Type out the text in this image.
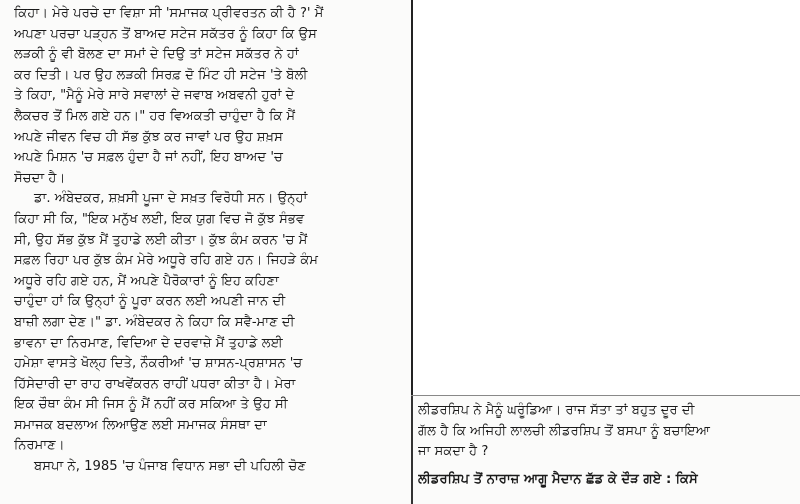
ਕਿਹਾ। ਮੇਰੇ ਪਰਚੇ ਦਾ ਵਿਸ਼ਾ ਸੀ 'ਸਮਾਜਕ ਪ੍ਰੀਵਰਤਨ ਕੀ ਹੈ ?' ਮੈਂ
ਅਪਣਾ ਪਰਚਾ ਪੜ੍ਹਨ ਤੋਂ ਬਾਅਦ ਸਟੇਜ ਸਕੱਤਰ ਨੂੰ ਕਿਹਾ ਕਿ ਉਸ
ਲੜਕੀ ਨੂੰ ਵੀ ਬੋਲਣ ਦਾ ਸਮਾਂ ਦੇ ਦਿਉ ਤਾਂ ਸਟੇਜ ਸਕੱਤਰ ਨੇ ਹਾਂ
ਕਰ ਦਿਤੀ। ਪਰ ਉਹ ਲੜਕੀ ਸਿਰਫ਼ ਦੋ ਮਿੰਟ ਹੀ ਸਟੇਜ 'ਤੇ ਬੋਲੀ
ਤੇ ਕਿਹਾ, "ਮੈਨੂੰ ਮੇਰੇ ਸਾਰੇ ਸਵਾਲਾਂ ਦੇ ਜਵਾਬ ਅਬਵਨੀ ਹੁਰਾਂ ਦੇ
ਲੈਕਚਰ ਤੋਂ ਮਿਲ ਗਏ ਹਨ।" ਹਰ ਵਿਅਕਤੀ ਚਾਹੁੰਦਾ ਹੈ ਕਿ ਮੈਂ
ਅਪਣੇ ਜੀਵਨ ਵਿਚ ਹੀ ਸੱਭ ਕੁੱਝ ਕਰ ਜਾਵਾਂ ਪਰ ਉਹ ਸ਼ਖ਼ਸ
ਅਪਣੇ ਮਿਸ਼ਨ 'ਚ ਸਫ਼ਲ ਹੁੰਦਾ ਹੈ ਜਾਂ ਨਹੀਂ, ਇਹ ਬਾਅਦ 'ਚ
ਸੋਚਦਾ ਹੈ।
ਡਾ. ਅੰਬੇਦਕਰ, ਸ਼ਖ਼ਸੀ ਪੂਜਾ ਦੇ ਸਖ਼ਤ ਵਿਰੋਧੀ ਸਨ। ਉਨ੍ਹਾਂ
ਕਿਹਾ ਸੀ ਕਿ, "ਇਕ ਮਨੁੱਖ ਲਈ, ਇਕ ਯੁਗ ਵਿਚ ਜੋ ਕੁੱਝ ਸੰਭਵ
ਸੀ, ਉਹ ਸੱਭ ਕੁੱਝ ਮੈਂ ਤੁਹਾਡੇ ਲਈ ਕੀਤਾ। ਕੁੱਝ ਕੰਮ ਕਰਨ 'ਚ ਮੈਂ
ਸਫ਼ਲ ਰਿਹਾ ਪਰ ਕੁੱਝ ਕੰਮ ਮੇਰੇ ਅਧੂਰੇ ਰਹਿ ਗਏ ਹਨ। ਜਿਹੜੇ ਕੰਮ
ਅਧੂਰੇ ਰਹਿ ਗਏ ਹਨ, ਮੈਂ ਅਪਣੇ ਪੈਰੋਕਾਰਾਂ ਨੂੰ ਇਹ ਕਹਿਣਾ
ਚਾਹੁੰਦਾ ਹਾਂ ਕਿ ਉਨ੍ਹਾਂ ਨੂੰ ਪੂਰਾ ਕਰਨ ਲਈ ਅਪਣੀ ਜਾਨ ਦੀ
ਬਾਜ਼ੀ ਲਗਾ ਦੇਣ।" ਡਾ. ਅੰਬੇਦਕਰ ਨੇ ਕਿਹਾ ਕਿ ਸਵੈ-ਮਾਣ ਦੀ
ਭਾਵਨਾ ਦਾ ਨਿਰਮਾਣ, ਵਿਦਿਆ ਦੇ ਦਰਵਾਜ਼ੇ ਮੈਂ ਤੁਹਾਡੇ ਲਈ
ਹਮੇਸ਼ਾ ਵਾਸਤੇ ਖੋਲ੍ਹ ਦਿਤੇ, ਨੌਕਰੀਆਂ 'ਚ ਸ਼ਾਸਨ-ਪ੍ਰਸ਼ਾਸਨ 'ਚ
ਹਿੱਸੇਦਾਰੀ ਦਾ ਰਾਹ ਰਾਖਵੇਂਕਰਨ ਰਾਹੀਂ ਪਧਰਾ ਕੀਤਾ ਹੈ। ਮੇਰਾ
ਇਕ ਚੌਥਾ ਕੰਮ ਸੀ ਜਿਸ ਨੂੰ ਮੈਂ ਨਹੀਂ ਕਰ ਸਕਿਆ ਤੇ ਉਹ ਸੀ
ਸਮਾਜਕ ਬਦਲਾਅ ਲਿਆਉਣ ਲਈ ਸਮਾਜਕ ਸੰਸਥਾ ਦਾ
ਨਿਰਮਾਣ।
ਬਸਪਾ ਨੇ, 1985 'ਚ ਪੰਜਾਬ ਵਿਧਾਨ ਸਭਾ ਦੀ ਪਹਿਲੀ ਚੋਣ
ਲੀਡਰਸ਼ਿਪ ਨੇ ਮੈਨੂੰ ਘਰੂੰਡਿਆ। ਰਾਜ ਸੱਤਾ ਤਾਂ ਬਹੁਤ ਦੂਰ ਦੀ
ਗੱਲ ਹੈ ਕਿ ਅਜਿਹੀ ਲਾਲਚੀ ਲੀਡਰਸ਼ਿਪ ਤੋਂ ਬਸਪਾ ਨੂੰ ਬਚਾਇਆ
ਜਾ ਸਕਦਾ ਹੈ ?
ਲੀਡਰਸ਼ਿਪ ਤੋਂ ਨਾਰਾਜ਼ ਆਗੂ ਮੈਦਾਨ ਛੱਡ ਕੇ ਦੌੜ ਗਏ : ਕਿਸੇ
